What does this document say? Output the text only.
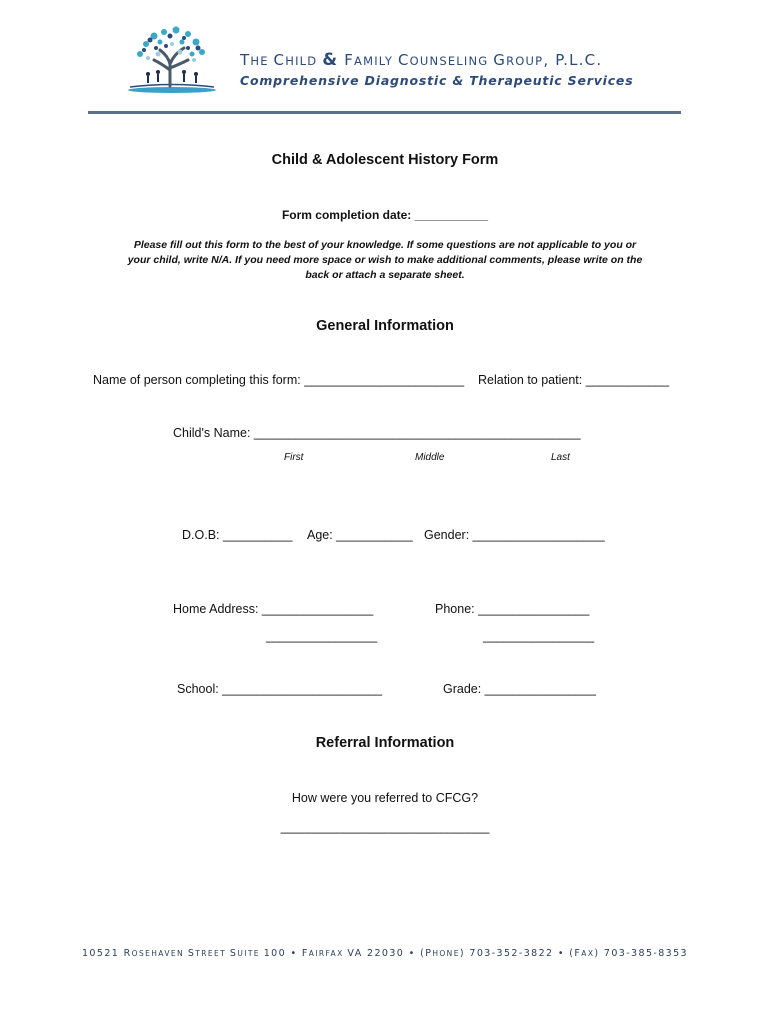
THE CHILD & FAMILY COUNSELING GROUP, P.L.C.
Comprehensive Diagnostic & Therapeutic Services
Child & Adolescent History Form
Form completion date: ___________
Please fill out this form to the best of your knowledge. If some questions are not applicable to you or your child, write N/A. If you need more space or wish to make additional comments, please write on the back or attach a separate sheet.
General Information
Name of person completing this form: _______________________ Relation to patient: ____________
Child's Name: _______________________________________________
First	Middle	Last
D.O.B: __________ Age: ___________ Gender: ___________________
Home Address: ________________	Phone: ________________
________________	________________
School: _______________________	Grade: ________________
Referral Information
How were you referred to CFCG?
______________________________
10521 ROSEHAVEN STREET SUITE 100 • FAIRFAX VA 22030 • (PHONE) 703-352-3822 • (FAX) 703-385-8353
